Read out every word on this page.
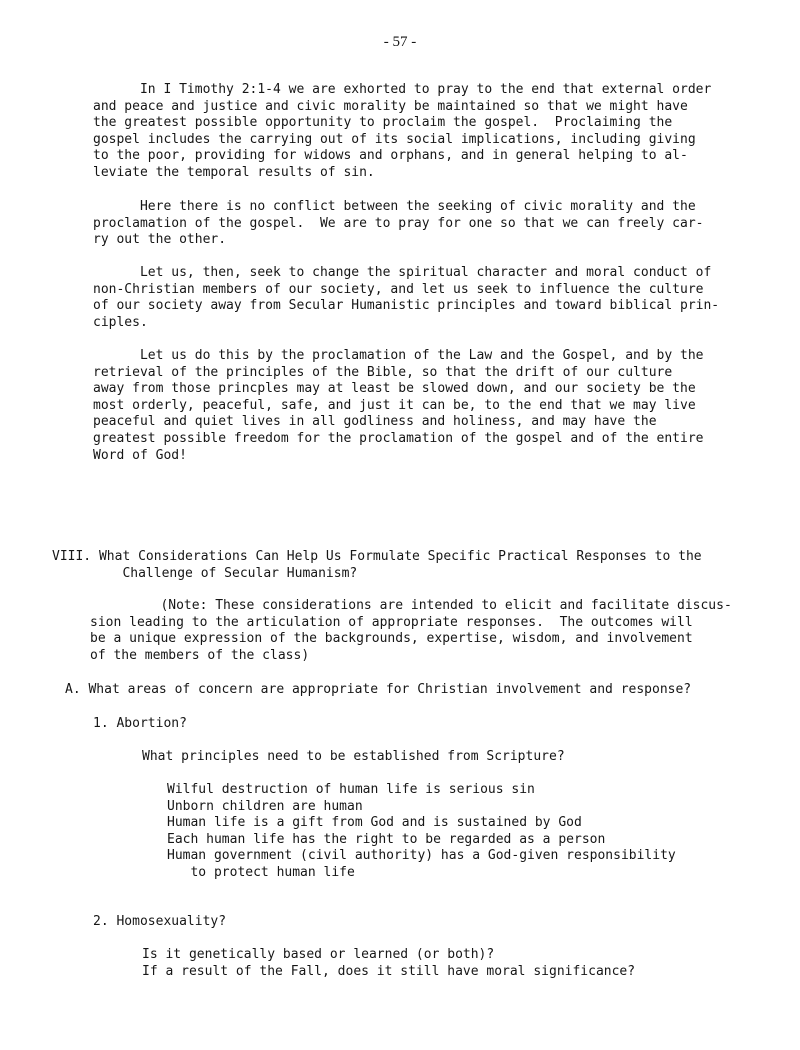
- 57 -
In I Timothy 2:1-4 we are exhorted to pray to the end that external order
and peace and justice and civic morality be maintained so that we might have
the greatest possible opportunity to proclaim the gospel.  Proclaiming the
gospel includes the carrying out of its social implications, including giving
to the poor, providing for widows and orphans, and in general helping to al-
leviate the temporal results of sin.
Here there is no conflict between the seeking of civic morality and the
proclamation of the gospel.  We are to pray for one so that we can freely car-
ry out the other.
Let us, then, seek to change the spiritual character and moral conduct of
non-Christian members of our society, and let us seek to influence the culture
of our society away from Secular Humanistic principles and toward biblical prin-
ciples.
Let us do this by the proclamation of the Law and the Gospel, and by the
retrieval of the principles of the Bible, so that the drift of our culture
away from those princples may at least be slowed down, and our society be the
most orderly, peaceful, safe, and just it can be, to the end that we may live
peaceful and quiet lives in all godliness and holiness, and may have the
greatest possible freedom for the proclamation of the gospel and of the entire
Word of God!
VIII. What Considerations Can Help Us Formulate Specific Practical Responses to the
Challenge of Secular Humanism?
(Note: These considerations are intended to elicit and facilitate discus-
sion leading to the articulation of appropriate responses.  The outcomes will
be a unique expression of the backgrounds, expertise, wisdom, and involvement
of the members of the class)
A. What areas of concern are appropriate for Christian involvement and response?
1. Abortion?
What principles need to be established from Scripture?
Wilful destruction of human life is serious sin
Unborn children are human
Human life is a gift from God and is sustained by God
Each human life has the right to be regarded as a person
Human government (civil authority) has a God-given responsibility
to protect human life
2. Homosexuality?
Is it genetically based or learned (or both)?
If a result of the Fall, does it still have moral significance?
